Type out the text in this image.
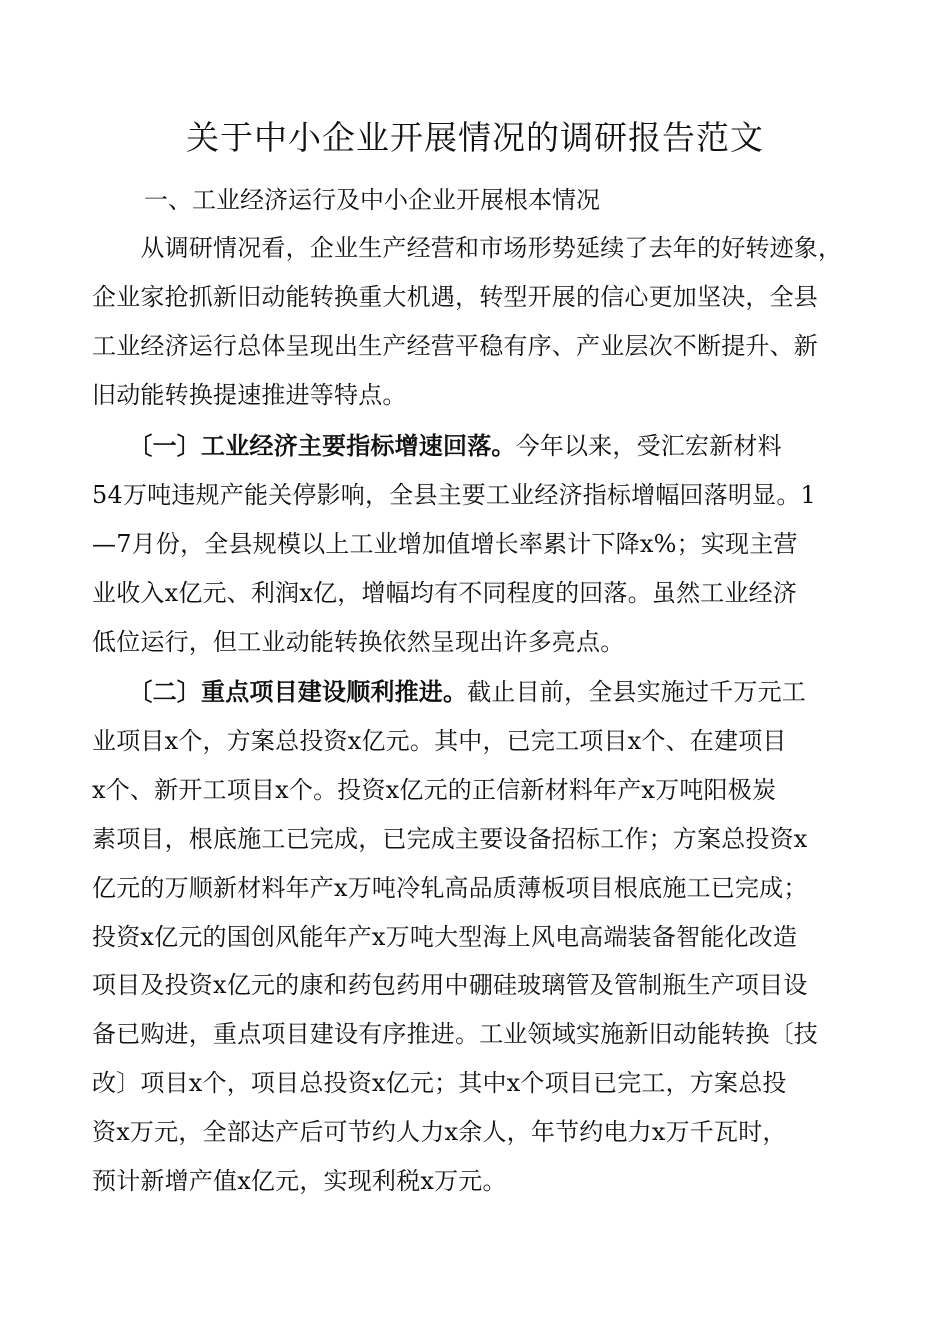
关于中小企业开展情况的调研报告范文
一、工业经济运行及中小企业开展根本情况

　　从调研情况看，企业生产经营和市场形势延续了去年的好转迹象，
企业家抢抓新旧动能转换重大机遇，转型开展的信心更加坚决，全县
工业经济运行总体呈现出生产经营平稳有序、产业层次不断提升、新
旧动能转换提速推进等特点。

　　〔一〕工业经济主要指标增速回落。今年以来，受汇宏新材料
54万吨违规产能关停影响，全县主要工业经济指标增幅回落明显。1
—7月份，全县规模以上工业增加值增长率累计下降x%；实现主营
业收入x亿元、利润x亿，增幅均有不同程度的回落。虽然工业经济
低位运行，但工业动能转换依然呈现出许多亮点。

　　〔二〕重点项目建设顺利推进。截止目前，全县实施过千万元工
业项目x个，方案总投资x亿元。其中，已完工项目x个、在建项目
x个、新开工项目x个。投资x亿元的正信新材料年产x万吨阳极炭
素项目，根底施工已完成，已完成主要设备招标工作；方案总投资x
亿元的万顺新材料年产x万吨冷轧高品质薄板项目根底施工已完成；
投资x亿元的国创风能年产x万吨大型海上风电高端装备智能化改造
项目及投资x亿元的康和药包药用中硼硅玻璃管及管制瓶生产项目设
备已购进，重点项目建设有序推进。工业领域实施新旧动能转换〔技
改〕项目x个，项目总投资x亿元；其中x个项目已完工，方案总投
资x万元，全部达产后可节约人力x余人，年节约电力x万千瓦时，
预计新增产值x亿元，实现利税x万元。
